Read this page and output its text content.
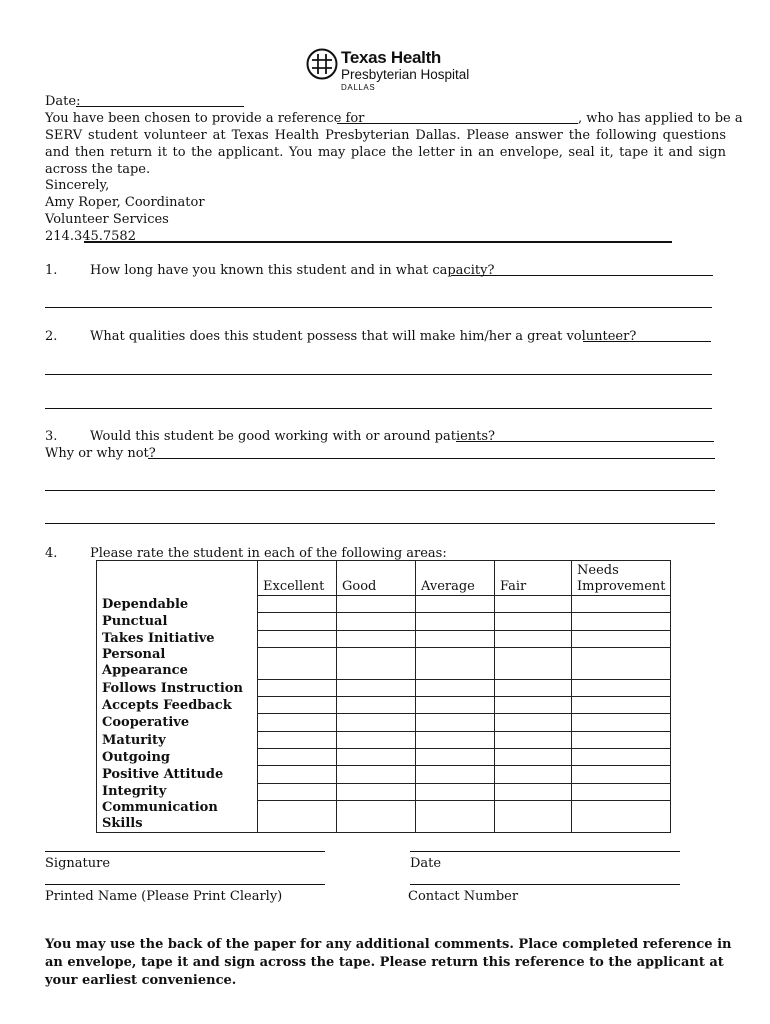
Texas Health
Presbyterian Hospital
DALLAS
Date:
You have been chosen to provide a reference for	, who has applied to be a
SERV student volunteer at Texas Health Presbyterian Dallas. Please answer the following questions and then return it to the applicant. You may place the letter in an envelope, seal it, tape it and sign across the tape.
Sincerely,
Amy Roper, Coordinator
Volunteer Services
214.345.7582
1.	How long have you known this student and in what capacity?
2.	What qualities does this student possess that will make him/her a great volunteer?
3.	Would this student be good working with or around patients?
Why or why not?
4.	Please rate the student in each of the following areas:
	Excellent	Good	Average	Fair	Needs
Improvement
Dependable					
Punctual					
Takes Initiative					
Personal Appearance					
Follows Instruction					
Accepts Feedback					
Cooperative					
Maturity					
Outgoing					
Positive Attitude					
Integrity					
Communication Skills					
Signature	Date
Printed Name (Please Print Clearly)	Contact Number
You may use the back of the paper for any additional comments. Place completed reference in an envelope, tape it and sign across the tape. Please return this reference to the applicant at your earliest convenience.
